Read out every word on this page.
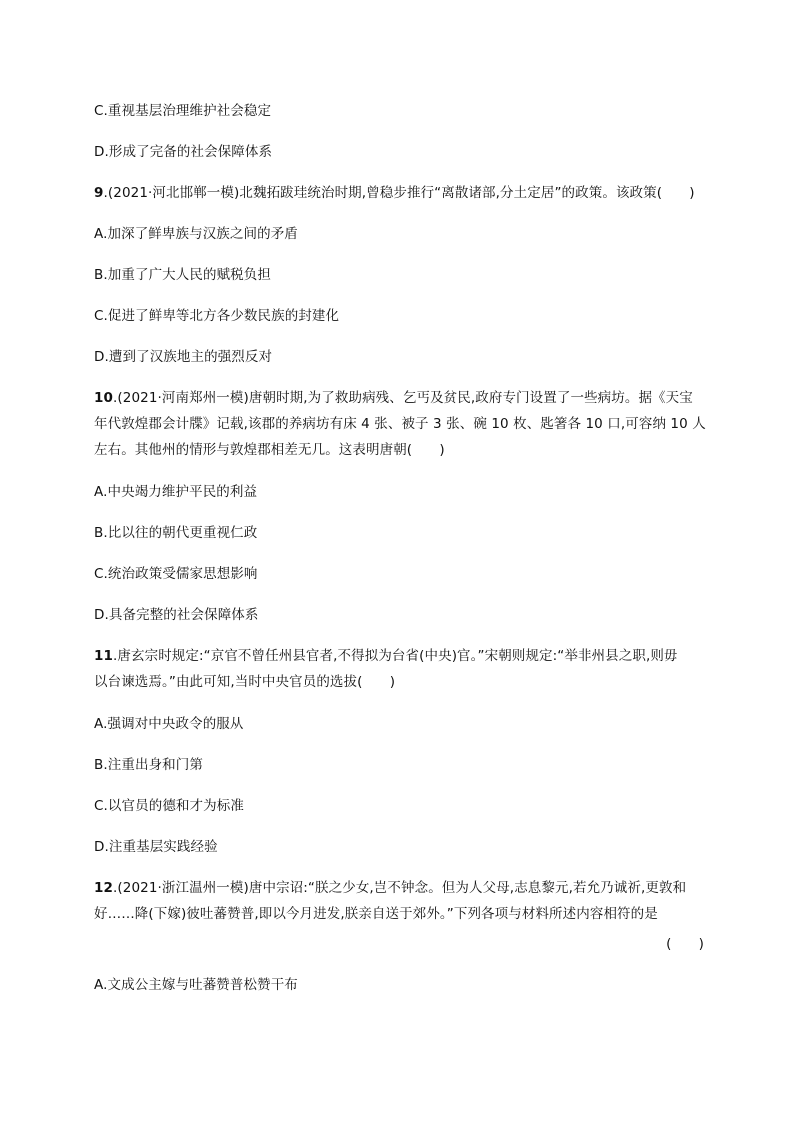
C.重视基层治理维护社会稳定
D.形成了完备的社会保障体系
9.(2021·河北邯郸一模)北魏拓跋珪统治时期,曾稳步推行“离散诸部,分土定居”的政策。该政策(　　)
A.加深了鲜卑族与汉族之间的矛盾
B.加重了广大人民的赋税负担
C.促进了鲜卑等北方各少数民族的封建化
D.遭到了汉族地主的强烈反对
10.(2021·河南郑州一模)唐朝时期,为了救助病残、乞丐及贫民,政府专门设置了一些病坊。据《天宝
年代敦煌郡会计牒》记载,该郡的养病坊有床 4 张、被子 3 张、碗 10 枚、匙箸各 10 口,可容纳 10 人
左右。其他州的情形与敦煌郡相差无几。这表明唐朝(　　)
A.中央竭力维护平民的利益
B.比以往的朝代更重视仁政
C.统治政策受儒家思想影响
D.具备完整的社会保障体系
11.唐玄宗时规定:“京官不曾任州县官者,不得拟为台省(中央)官。”宋朝则规定:“举非州县之职,则毋
以台谏选焉。”由此可知,当时中央官员的选拔(　　)
A.强调对中央政令的服从
B.注重出身和门第
C.以官员的德和才为标准
D.注重基层实践经验
12.(2021·浙江温州一模)唐中宗诏:“朕之少女,岂不钟念。但为人父母,志息黎元,若允乃诚祈,更敦和
好……降(下嫁)彼吐蕃赞普,即以今月进发,朕亲自送于郊外。”下列各项与材料所述内容相符的是
(　　)
A.文成公主嫁与吐蕃赞普松赞干布
